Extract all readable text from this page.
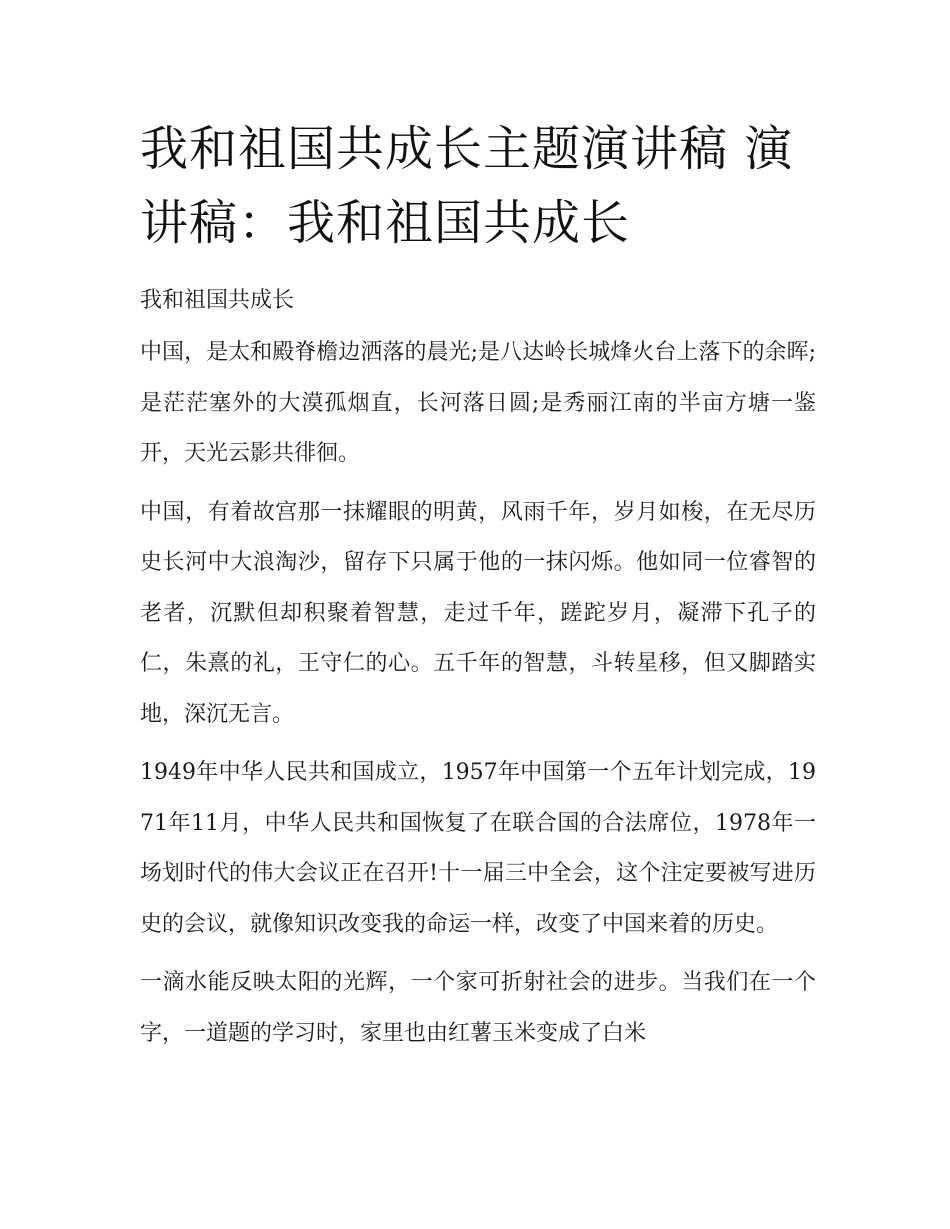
我和祖国共成长主题演讲稿 演讲稿：我和祖国共成长

我和祖国共成长

中国，是太和殿脊檐边洒落的晨光;是八达岭长城烽火台上落下的余晖;是茫茫塞外的大漠孤烟直，长河落日圆;是秀丽江南的半亩方塘一鉴开，天光云影共徘徊。

中国，有着故宫那一抹耀眼的明黄，风雨千年，岁月如梭，在无尽历史长河中大浪淘沙，留存下只属于他的一抹闪烁。他如同一位睿智的老者，沉默但却积聚着智慧，走过千年，蹉跎岁月，凝滞下孔子的仁，朱熹的礼，王守仁的心。五千年的智慧，斗转星移，但又脚踏实地，深沉无言。

1949年中华人民共和国成立，1957年中国第一个五年计划完成，1971年11月，中华人民共和国恢复了在联合国的合法席位，1978年一场划时代的伟大会议正在召开!十一届三中全会，这个注定要被写进历史的会议，就像知识改变我的命运一样，改变了中国来着的历史。

一滴水能反映太阳的光辉，一个家可折射社会的进步。当我们在一个字，一道题的学习时，家里也由红薯玉米变成了白米
